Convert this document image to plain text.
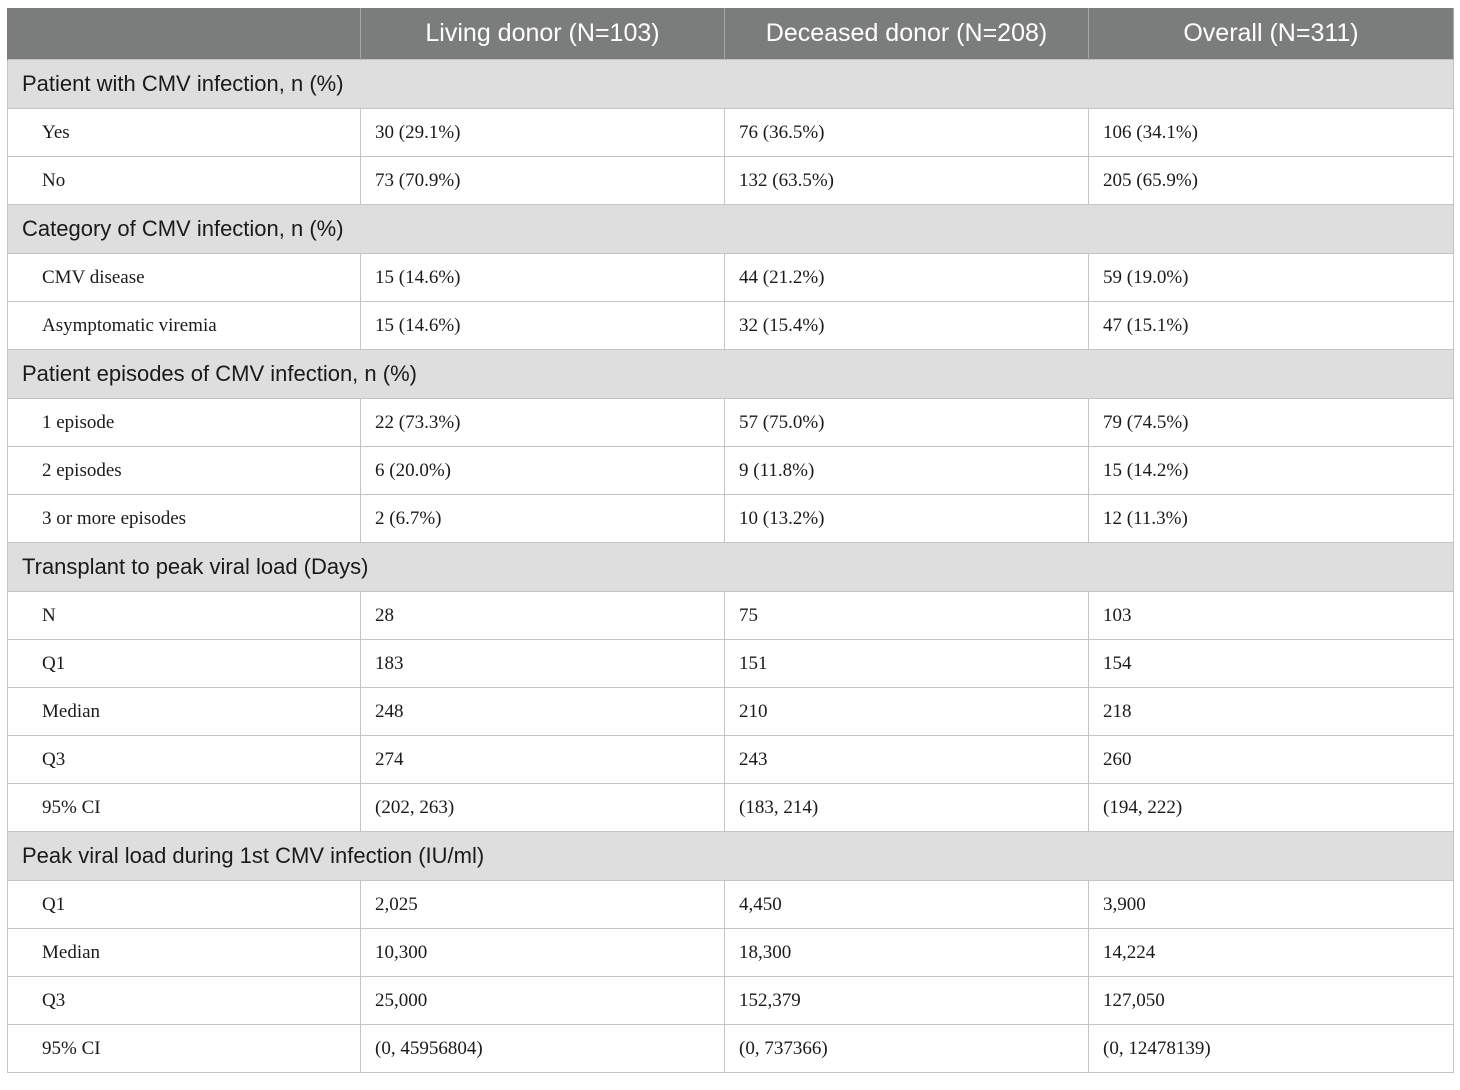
	Living donor (N=103)	Deceased donor (N=208)	Overall (N=311)
Patient with CMV infection, n (%)			
Yes	30 (29.1%)	76 (36.5%)	106 (34.1%)
No	73 (70.9%)	132 (63.5%)	205 (65.9%)
Category of CMV infection, n (%)			
CMV disease	15 (14.6%)	44 (21.2%)	59 (19.0%)
Asymptomatic viremia	15 (14.6%)	32 (15.4%)	47 (15.1%)
Patient episodes of CMV infection, n (%)			
1 episode	22 (73.3%)	57 (75.0%)	79 (74.5%)
2 episodes	6 (20.0%)	9 (11.8%)	15 (14.2%)
3 or more episodes	2 (6.7%)	10 (13.2%)	12 (11.3%)
Transplant to peak viral load (Days)			
N	28	75	103
Q1	183	151	154
Median	248	210	218
Q3	274	243	260
95% CI	(202, 263)	(183, 214)	(194, 222)
Peak viral load during 1st CMV infection (IU/ml)			
Q1	2,025	4,450	3,900
Median	10,300	18,300	14,224
Q3	25,000	152,379	127,050
95% CI	(0, 45956804)	(0, 737366)	(0, 12478139)
